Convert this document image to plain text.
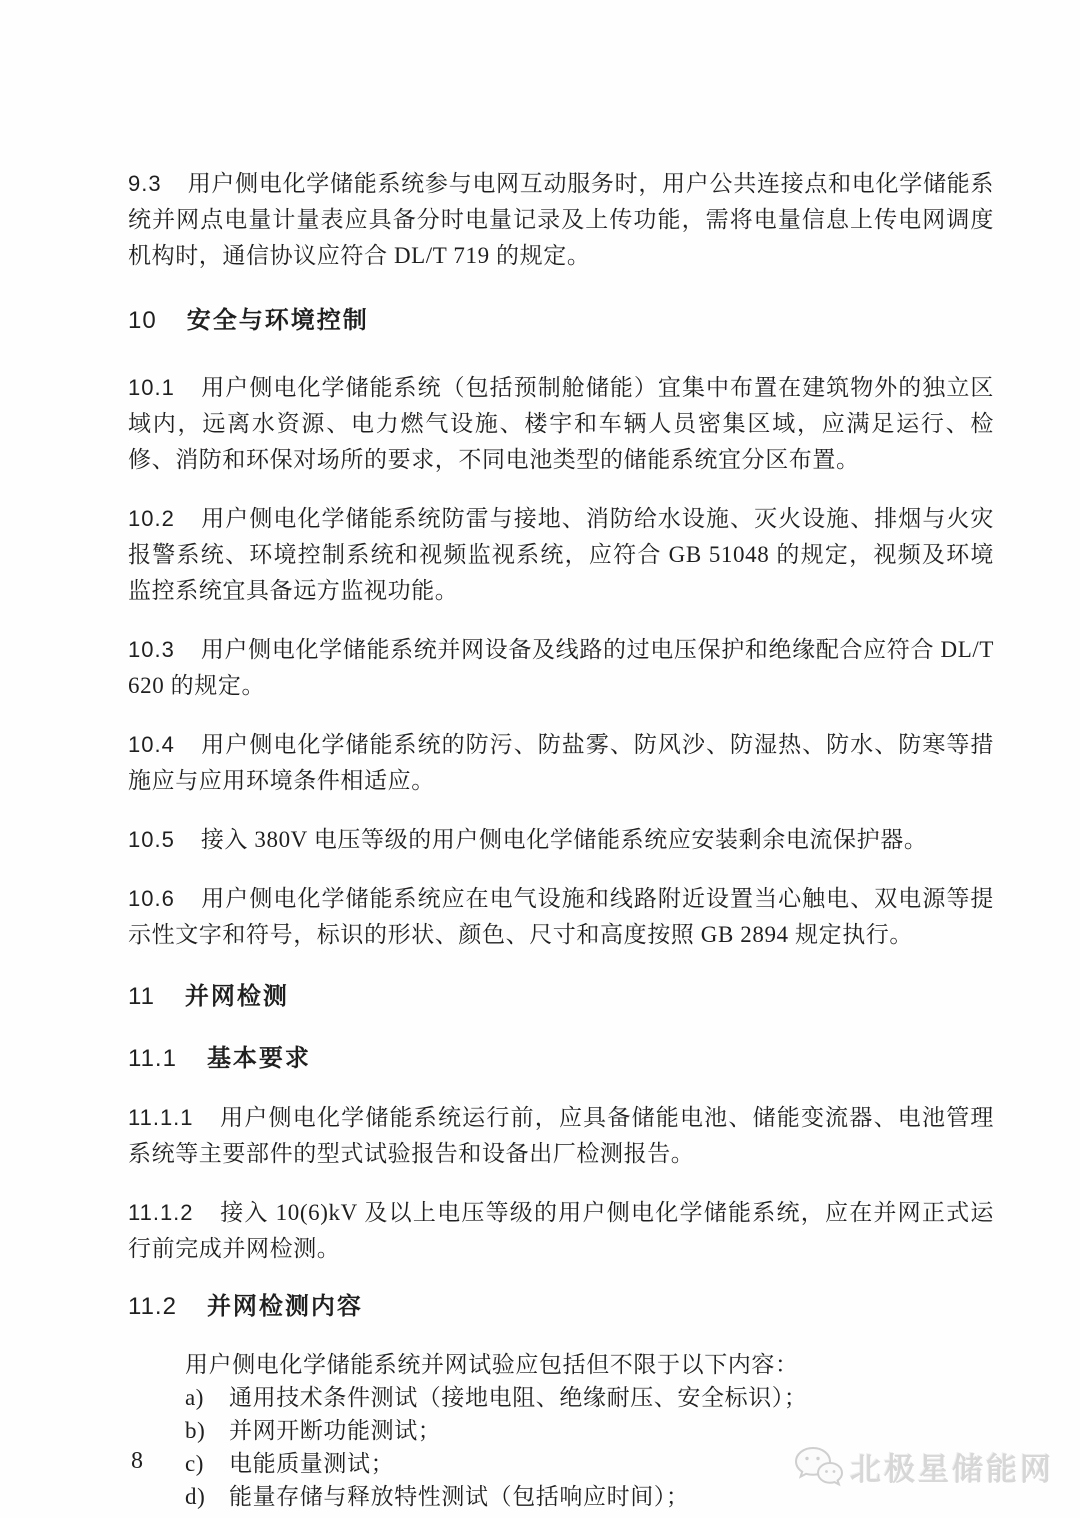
9.3 用户侧电化学储能系统参与电网互动服务时，用户公共连接点和电化学储能系统并网点电量计量表应具备分时电量记录及上传功能，需将电量信息上传电网调度机构时，通信协议应符合 DL/T 719 的规定。

10 安全与环境控制

10.1 用户侧电化学储能系统（包括预制舱储能）宜集中布置在建筑物外的独立区域内，远离水资源、电力燃气设施、楼宇和车辆人员密集区域，应满足运行、检修、消防和环保对场所的要求，不同电池类型的储能系统宜分区布置。

10.2 用户侧电化学储能系统防雷与接地、消防给水设施、灭火设施、排烟与火灾报警系统、环境控制系统和视频监视系统，应符合 GB 51048 的规定，视频及环境监控系统宜具备远方监视功能。

10.3 用户侧电化学储能系统并网设备及线路的过电压保护和绝缘配合应符合 DL/T 620 的规定。

10.4 用户侧电化学储能系统的防污、防盐雾、防风沙、防湿热、防水、防寒等措施应与应用环境条件相适应。

10.5 接入 380V 电压等级的用户侧电化学储能系统应安装剩余电流保护器。

10.6 用户侧电化学储能系统应在电气设施和线路附近设置当心触电、双电源等提示性文字和符号，标识的形状、颜色、尺寸和高度按照 GB 2894 规定执行。

11 并网检测
11.1 基本要求

11.1.1 用户侧电化学储能系统运行前，应具备储能电池、储能变流器、电池管理系统等主要部件的型式试验报告和设备出厂检测报告。

11.1.2 接入 10(6)kV 及以上电压等级的用户侧电化学储能系统，应在并网正式运行前完成并网检测。

11.2 并网检测内容
用户侧电化学储能系统并网试验应包括但不限于以下内容：
a)	通用技术条件测试（接地电阻、绝缘耐压、安全标识）；
b)	并网开断功能测试；
c)	电能质量测试；
d)	能量存储与释放特性测试（包括响应时间）；
8	北极星储能网
